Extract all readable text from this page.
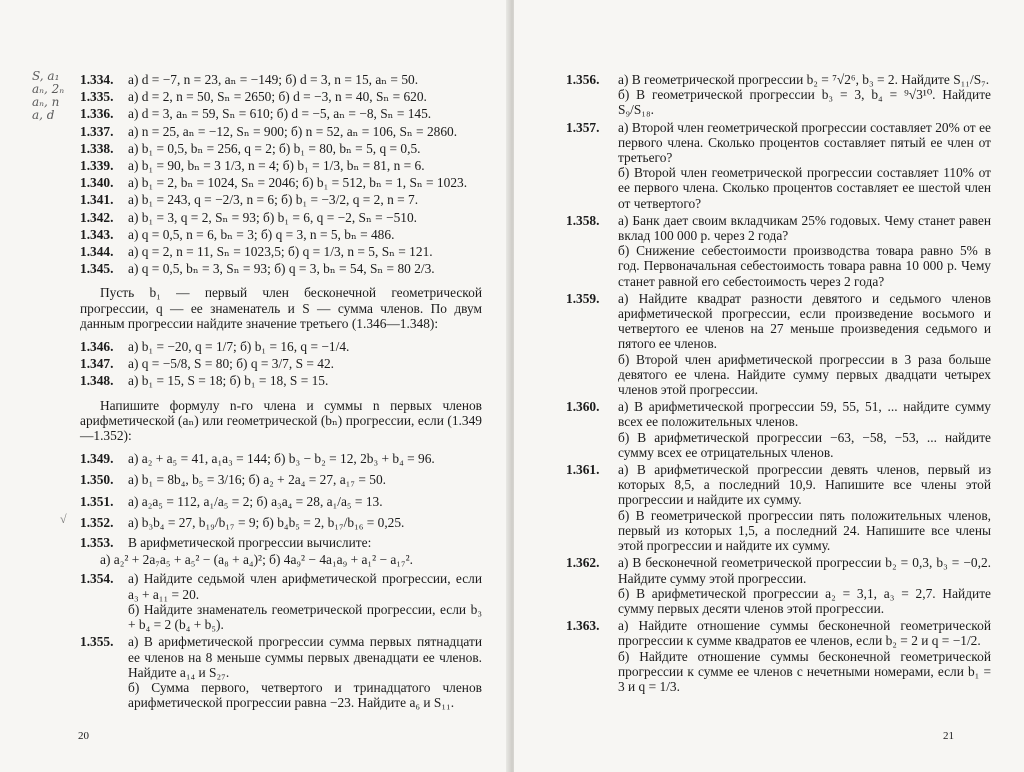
S, a₁
aₙ, 2ₙ
aₙ, n
a, d
√
1.334.	а) d = −7, n = 23, aₙ = −149; б) d = 3, n = 15, aₙ = 50.
1.335.	а) d = 2, n = 50, Sₙ = 2650; б) d = −3, n = 40, Sₙ = 620.
1.336.	а) d = 3, aₙ = 59, Sₙ = 610; б) d = −5, aₙ = −8, Sₙ = 145.
1.337.	а) n = 25, aₙ = −12, Sₙ = 900; б) n = 52, aₙ = 106, Sₙ = 2860.
1.338.	а) b₁ = 0,5, bₙ = 256, q = 2; б) b₁ = 80, bₙ = 5, q = 0,5.
1.339.	а) b₁ = 90, bₙ = 3 1/3, n = 4; б) b₁ = 1/3, bₙ = 81, n = 6.
1.340.	а) b₁ = 2, bₙ = 1024, Sₙ = 2046; б) b₁ = 512, bₙ = 1, Sₙ = 1023.
1.341.	а) b₁ = 243, q = −2/3, n = 6; б) b₁ = −3/2, q = 2, n = 7.
1.342.	а) b₁ = 3, q = 2, Sₙ = 93; б) b₁ = 6, q = −2, Sₙ = −510.
1.343.	а) q = 0,5, n = 6, bₙ = 3; б) q = 3, n = 5, bₙ = 486.
1.344.	а) q = 2, n = 11, Sₙ = 1023,5; б) q = 1/3, n = 5, Sₙ = 121.
1.345.	а) q = 0,5, bₙ = 3, Sₙ = 93; б) q = 3, bₙ = 54, Sₙ = 80 2/3.
Пусть b₁ — первый член бесконечной геометрической прогрессии, q — ее знаменатель и S — сумма членов. По двум данным прогрессии найдите значение третьего (1.346—1.348):
1.346.	а) b₁ = −20, q = 1/7; б) b₁ = 16, q = −1/4.
1.347.	а) q = −5/8, S = 80; б) q = 3/7, S = 42.
1.348.	а) b₁ = 15, S = 18; б) b₁ = 18, S = 15.
Напишите формулу n-го члена и суммы n первых членов арифметической (aₙ) или геометрической (bₙ) прогрессии, если (1.349—1.352):
1.349.	а) a₂ + a₅ = 41, a₁a₃ = 144; б) b₃ − b₂ = 12, 2b₃ + b₄ = 96.
1.350.	а) b₁ = 8b₄, b₅ = 3/16; б) a₂ + 2a₄ = 27, a₁₇ = 50.
1.351.	а) a₂a₅ = 112, a₁/a₅ = 2; б) a₃a₄ = 28, a₁/a₅ = 13.
1.352.	а) b₃b₄ = 27, b₁₉/b₁₇ = 9; б) b₄b₅ = 2, b₁₇/b₁₆ = 0,25.
1.353.	В арифметической прогрессии вычислите:
а) a₂² + 2a₇a₅ + a₅² − (a₈ + a₄)²; б) 4a₉² − 4a₁a₉ + a₁² − a₁₇².
1.354.	а) Найдите седьмой член арифметической прогрессии, если a₃ + a₁₁ = 20.

б) Найдите знаменатель геометрической прогрессии, если b₃ + b₄ = 2 (b₄ + b₅).

1.355.	а) В арифметической прогрессии сумма первых пятнадцати ее членов на 8 меньше суммы первых двенадцати ее членов. Найдите a₁₄ и S₂₇.

б) Сумма первого, четвертого и тринадцатого членов арифметической прогрессии равна −23. Найдите a₆ и S₁₁.

20
1.356.	а) В геометрической прогрессии b₂ = ⁷√2⁶, b₃ = 2. Найдите S₁₁/S₇.

б) В геометрической прогрессии b₃ = 3, b₄ = ⁹√3¹⁰. Найдите S₉/S₁₈.

1.357.	а) Второй член геометрической прогрессии составляет 20% от ее первого члена. Сколько процентов составляет пятый ее член от третьего?

б) Второй член геометрической прогрессии составляет 110% от ее первого члена. Сколько процентов составляет ее шестой член от четвертого?

1.358.	а) Банк дает своим вкладчикам 25% годовых. Чему станет равен вклад 100 000 р. через 2 года?

б) Снижение себестоимости производства товара равно 5% в год. Первоначальная себестоимость товара равна 10 000 р. Чему станет равной его себестоимость через 2 года?

1.359.	а) Найдите квадрат разности девятого и седьмого членов арифметической прогрессии, если произведение восьмого и четвертого ее членов на 27 меньше произведения седьмого и пятого ее членов.

б) Второй член арифметической прогрессии в 3 раза больше девятого ее члена. Найдите сумму первых двадцати четырех членов этой прогрессии.

1.360.	а) В арифметической прогрессии 59, 55, 51, ... найдите сумму всех ее положительных членов.

б) В арифметической прогрессии −63, −58, −53, ... найдите сумму всех ее отрицательных членов.

1.361.	а) В арифметической прогрессии девять членов, первый из которых 8,5, а последний 10,9. Напишите все члены этой прогрессии и найдите их сумму.

б) В геометрической прогрессии пять положительных членов, первый из которых 1,5, а последний 24. Напишите все члены этой прогрессии и найдите их сумму.

1.362.	а) В бесконечной геометрической прогрессии b₂ = 0,3, b₃ = −0,2. Найдите сумму этой прогрессии.

б) В арифметической прогрессии a₂ = 3,1, a₃ = 2,7. Найдите сумму первых десяти членов этой прогрессии.

1.363.	а) Найдите отношение суммы бесконечной геометрической прогрессии к сумме квадратов ее членов, если b₂ = 2 и q = −1/2.

б) Найдите отношение суммы бесконечной геометрической прогрессии к сумме ее членов с нечетными номерами, если b₁ = 3 и q = 1/3.

21
